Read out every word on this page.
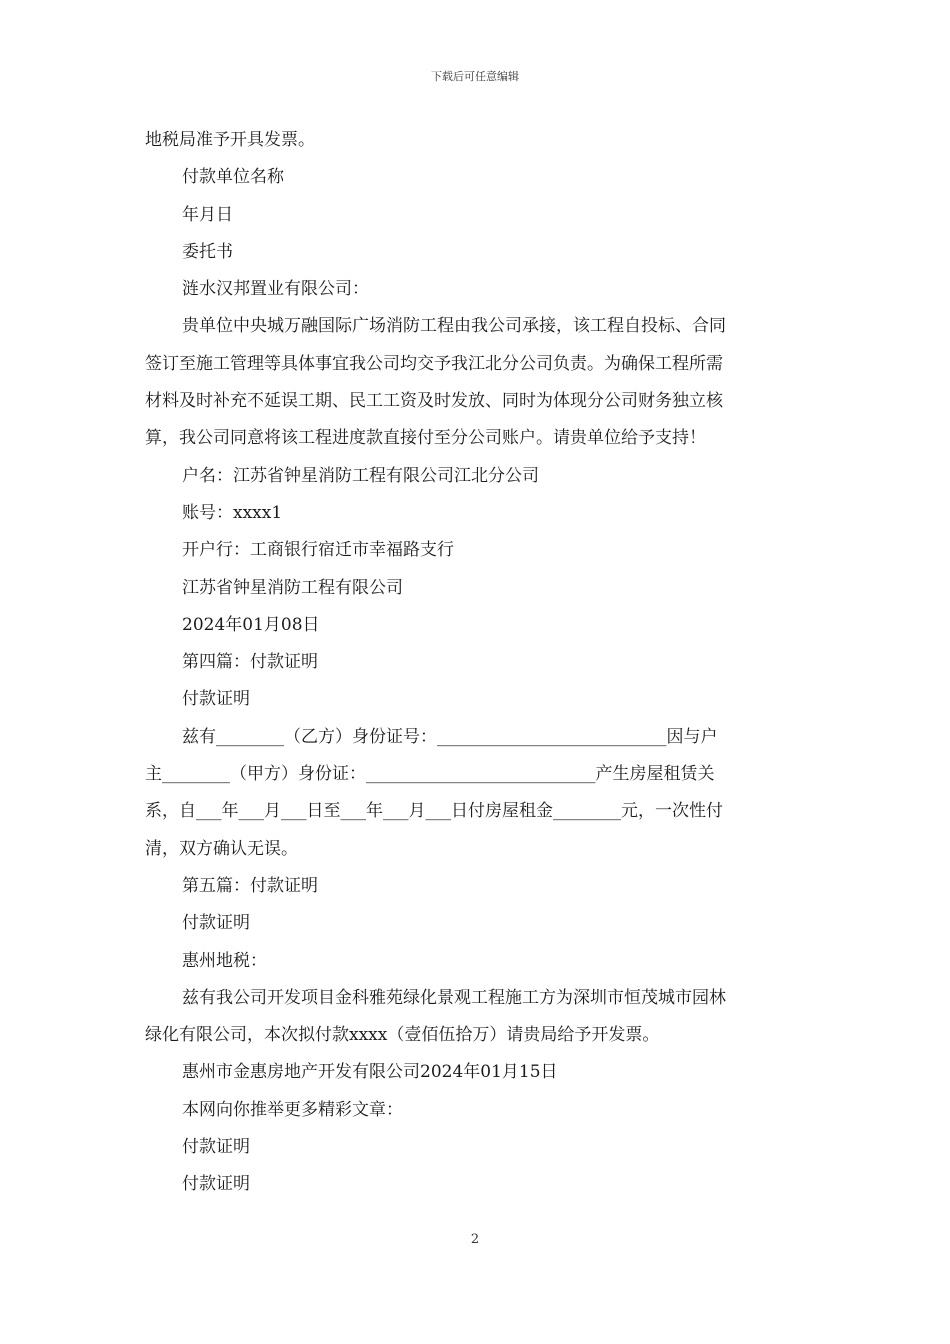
下载后可任意编辑
地税局准予开具发票。
付款单位名称
年月日
委托书
涟水汉邦置业有限公司：
贵单位中央城万融国际广场消防工程由我公司承接，该工程自投标、合同
签订至施工管理等具体事宜我公司均交予我江北分公司负责。为确保工程所需
材料及时补充不延误工期、民工工资及时发放、同时为体现分公司财务独立核
算，我公司同意将该工程进度款直接付至分公司账户。请贵单位给予支持！
户名：江苏省钟星消防工程有限公司江北分公司
账号：xxxx1
开户行：工商银行宿迁市幸福路支行
江苏省钟星消防工程有限公司
2024年01月08日
第四篇：付款证明
付款证明
兹有________（乙方）身份证号：___________________________因与户
主________（甲方）身份证：___________________________产生房屋租赁关
系，自___年___月___日至___年___月___日付房屋租金________元，一次性付
清，双方确认无误。
第五篇：付款证明
付款证明
惠州地税：
兹有我公司开发项目金科雅苑绿化景观工程施工方为深圳市恒茂城市园林
绿化有限公司，本次拟付款xxxx（壹佰伍拾万）请贵局给予开发票。
惠州市金惠房地产开发有限公司2024年01月15日
本网向你推举更多精彩文章：
付款证明
付款证明
2
